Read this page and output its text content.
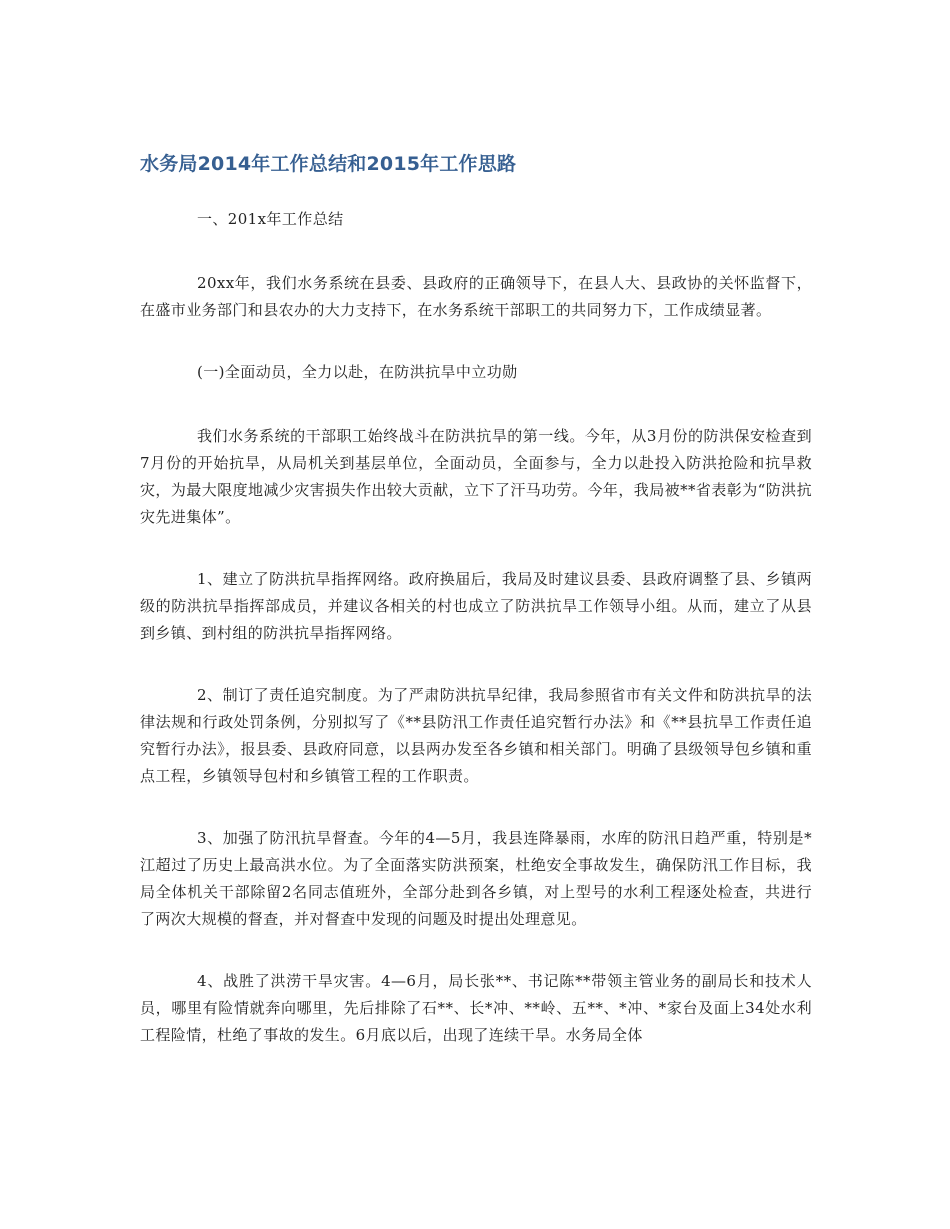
水务局2014年工作总结和2015年工作思路

一、201x年工作总结

20xx年，我们水务系统在县委、县政府的正确领导下，在县人大、县政协的关怀监督下，在盛市业务部门和县农办的大力支持下，在水务系统干部职工的共同努力下，工作成绩显著。

(一)全面动员，全力以赴，在防洪抗旱中立功勋

我们水务系统的干部职工始终战斗在防洪抗旱的第一线。今年，从3月份的防洪保安检查到7月份的开始抗旱，从局机关到基层单位，全面动员，全面参与，全力以赴投入防洪抢险和抗旱救灾，为最大限度地减少灾害损失作出较大贡献，立下了汗马功劳。今年，我局被**省表彰为“防洪抗灾先进集体”。

1、建立了防洪抗旱指挥网络。政府换届后，我局及时建议县委、县政府调整了县、乡镇两级的防洪抗旱指挥部成员，并建议各相关的村也成立了防洪抗旱工作领导小组。从而，建立了从县到乡镇、到村组的防洪抗旱指挥网络。

2、制订了责任追究制度。为了严肃防洪抗旱纪律，我局参照省市有关文件和防洪抗旱的法律法规和行政处罚条例，分别拟写了《**县防汛工作责任追究暂行办法》和《**县抗旱工作责任追究暂行办法》，报县委、县政府同意，以县两办发至各乡镇和相关部门。明确了县级领导包乡镇和重点工程，乡镇领导包村和乡镇管工程的工作职责。

3、加强了防汛抗旱督查。今年的4—5月，我县连降暴雨，水库的防汛日趋严重，特别是*江超过了历史上最高洪水位。为了全面落实防洪预案，杜绝安全事故发生，确保防汛工作目标，我局全体机关干部除留2名同志值班外，全部分赴到各乡镇，对上型号的水利工程逐处检查，共进行了两次大规模的督查，并对督查中发现的问题及时提出处理意见。

4、战胜了洪涝干旱灾害。4—6月，局长张**、书记陈**带领主管业务的副局长和技术人员，哪里有险情就奔向哪里，先后排除了石**、长*冲、**岭、五**、*冲、*家台及面上34处水利工程险情，杜绝了事故的发生。6月底以后，出现了连续干旱。水务局全体
